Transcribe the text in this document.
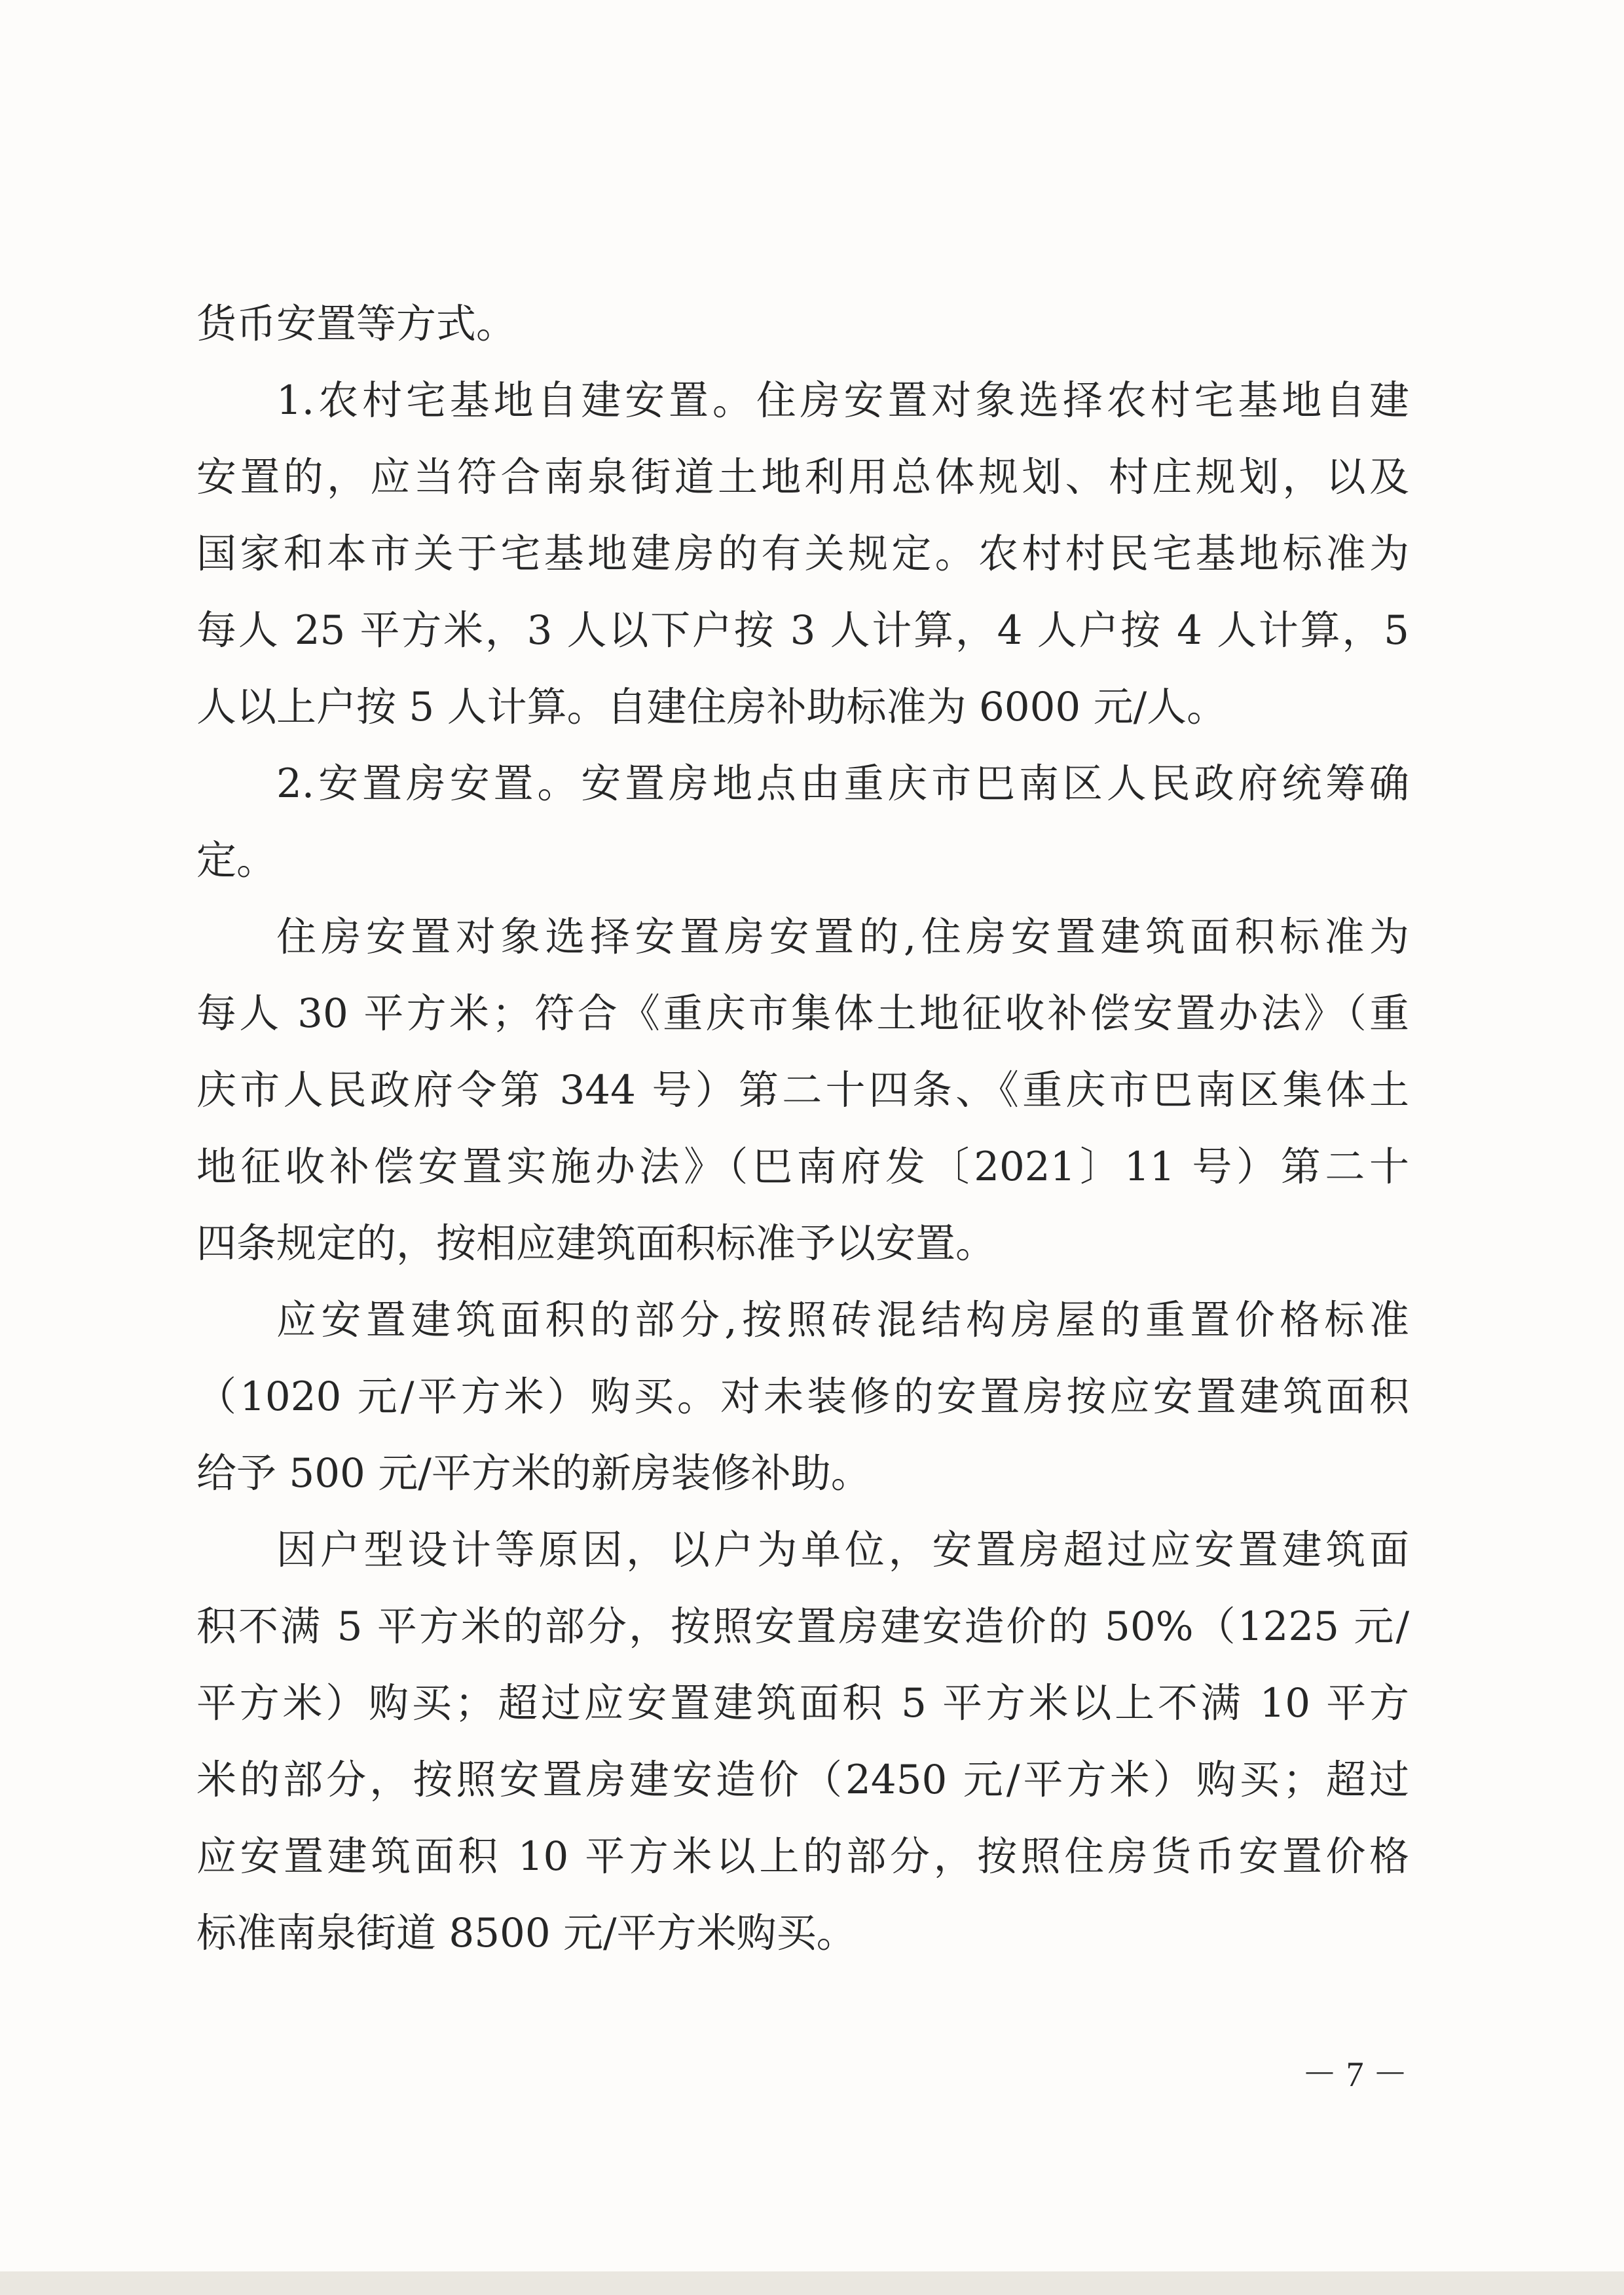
货币安置等方式。
1.农村宅基地自建安置。住房安置对象选择农村宅基地自建
安置的，应当符合南泉街道土地利用总体规划、村庄规划，以及
国家和本市关于宅基地建房的有关规定。农村村民宅基地标准为
每人 25 平方米，3 人以下户按 3 人计算，4 人户按 4 人计算，5
人以上户按 5 人计算。自建住房补助标准为 6000 元/人。
2.安置房安置。安置房地点由重庆市巴南区人民政府统筹确
定。
住房安置对象选择安置房安置的,住房安置建筑面积标准为
每人 30 平方米；符合《重庆市集体土地征收补偿安置办法》（重
庆市人民政府令第 344 号）第二十四条、《重庆市巴南区集体土
地征收补偿安置实施办法》（巴南府发〔2021〕11 号）第二十
四条规定的，按相应建筑面积标准予以安置。
应安置建筑面积的部分,按照砖混结构房屋的重置价格标准
（1020 元/平方米）购买。对未装修的安置房按应安置建筑面积
给予 500 元/平方米的新房装修补助。
因户型设计等原因，以户为单位，安置房超过应安置建筑面
积不满 5 平方米的部分，按照安置房建安造价的 50%（1225 元/
平方米）购买；超过应安置建筑面积 5 平方米以上不满 10 平方
米的部分，按照安置房建安造价（2450 元/平方米）购买；超过
应安置建筑面积 10 平方米以上的部分，按照住房货币安置价格
标准南泉街道 8500 元/平方米购买。
－ 7 －
